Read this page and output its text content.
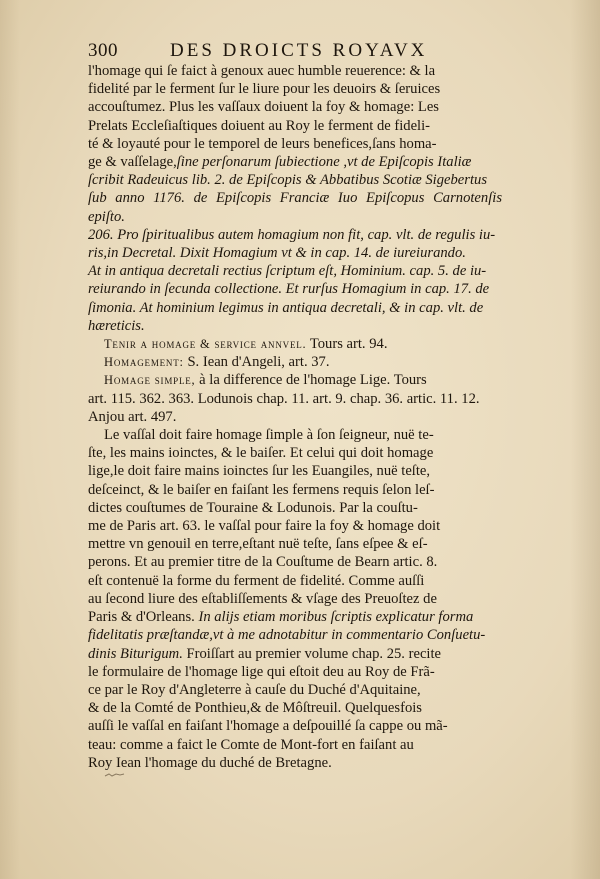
300	DES DROICTS ROYAVX

l'homage qui ſe faict à genoux auec humble reuerence: & la

fidelité par le ferment ſur le liure pour les deuoirs & ſeruices

accouſtumez. Plus les vaſſaux doiuent la foy & homage: Les

Prelats Eccleſiaſtiques doiuent au Roy le ferment de fideli-

té & loyauté pour le temporel de leurs benefices,ſans homa-

ge & vaſſelage,ſine perſonarum ſubiectione ,vt de Epiſcopis Italiæ

ſcribit Radeuicus lib. 2. de Epiſcopis & Abbatibus Scotiæ Sigebertus

ſub anno 1176. de Epiſcopis Franciæ Iuo Epiſcopus Carnotenſis epiſto.

206. Pro ſpiritualibus autem homagium non fit, cap. vlt. de regulis iu-

ris,in Decretal. Dixit Homagium vt & in cap. 14. de iureiurando.

At in antiqua decretali rectius ſcriptum eſt, Hominium. cap. 5. de iu-

reiurando in ſecunda collectione. Et rurſus Homagium in cap. 17. de

ſimonia. At hominium legimus in antiqua decretali, & in cap. vlt. de

hæreticis.

Tenir a homage & service annvel. Tours art. 94.

Homagement: S. Iean d'Angeli, art. 37.

Homage simple, à la difference de l'homage Lige. Tours

art. 115. 362. 363. Lodunois chap. 11. art. 9. chap. 36. artic. 11. 12.

Anjou art. 497.

Le vaſſal doit faire homage ſimple à ſon ſeigneur, nuë te-

ſte, les mains ioinctes, & le baiſer. Et celui qui doit homage

lige,le doit faire mains ioinctes ſur les Euangiles, nuë teſte,

deſceinct, & le baiſer en faiſant les fermens requis ſelon leſ-

dictes couſtumes de Touraine & Lodunois. Par la couſtu-

me de Paris art. 63. le vaſſal pour faire la foy & homage doit

mettre vn genouil en terre,eſtant nuë teſte, ſans eſpee & eſ-

perons. Et au premier titre de la Couſtume de Bearn artic. 8.

eſt contenuë la forme du ferment de fidelité. Comme auſſi

au ſecond liure des eſtabliſſements & vſage des Preuoſtez de

Paris & d'Orleans. In alijs etiam moribus ſcriptis explicatur forma

fidelitatis præſtandæ,vt à me adnotabitur in commentario Conſuetu-

dinis Biturigum. Froiſſart au premier volume chap. 25. recite

le formulaire de l'homage lige qui eſtoit deu au Roy de Frã-

ce par le Roy d'Angleterre à cauſe du Duché d'Aquitaine,

& de la Comté de Ponthieu,& de Môſtreuil. Quelquesfois

auſſi le vaſſal en faiſant l'homage a deſpouillé ſa cappe ou mã-

teau: comme a faict le Comte de Mont-fort en faiſant au

Roy Iean l'homage du duché de Bretagne.
